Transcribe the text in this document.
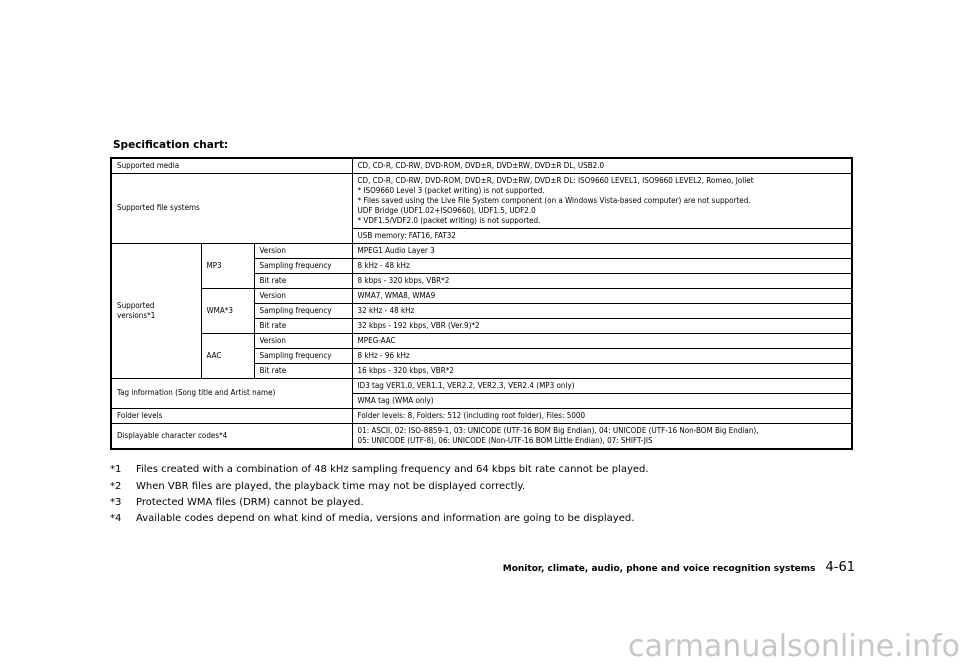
Specification chart:
Supported media			CD, CD-R, CD-RW, DVD-ROM, DVD±R, DVD±RW, DVD±R DL, USB2.0
Supported file systems			CD, CD-R, CD-RW, DVD-ROM, DVD±R, DVD±RW, DVD±R DL: ISO9660 LEVEL1, ISO9660 LEVEL2, Romeo, Joliet
* ISO9660 Level 3 (packet writing) is not supported.
* Files saved using the Live File System component (on a Windows Vista-based computer) are not supported.
UDF Bridge (UDF1.02+ISO9660), UDF1.5, UDF2.0
* VDF1.5/VDF2.0 (packet writing) is not supported.

			USB memory: FAT16, FAT32

Supported
versions*1	MP3	Version	MPEG1 Audio Layer 3
		Sampling frequency	8 kHz - 48 kHz
		Bit rate	8 kbps - 320 kbps, VBR*2
	WMA*3	Version	WMA7, WMA8, WMA9
		Sampling frequency	32 kHz - 48 kHz
		Bit rate	32 kbps - 192 kbps, VBR (Ver.9)*2
	AAC	Version	MPEG-AAC
		Sampling frequency	8 kHz - 96 kHz
		Bit rate	16 kbps - 320 kbps, VBR*2
Tag information (Song title and Artist name)			ID3 tag VER1.0, VER1.1, VER2.2, VER2.3, VER2.4 (MP3 only)
			WMA tag (WMA only)
Folder levels			Folder levels: 8, Folders: 512 (including root folder), Files: 5000
Displayable character codes*4			01: ASCII, 02: ISO-8859-1, 03: UNICODE (UTF-16 BOM Big Endian), 04: UNICODE (UTF-16 Non-BOM Big Endian),
05: UNICODE (UTF-8), 06: UNICODE (Non-UTF-16 BOM Little Endian), 07: SHIFT-JIS
*1 Files created with a combination of 48 kHz sampling frequency and 64 kbps bit rate cannot be played.
*2 When VBR files are played, the playback time may not be displayed correctly.
*3 Protected WMA files (DRM) cannot be played.
*4 Available codes depend on what kind of media, versions and information are going to be displayed.
Monitor, climate, audio, phone and voice recognition systems 4-61
carmanualsonline.info
